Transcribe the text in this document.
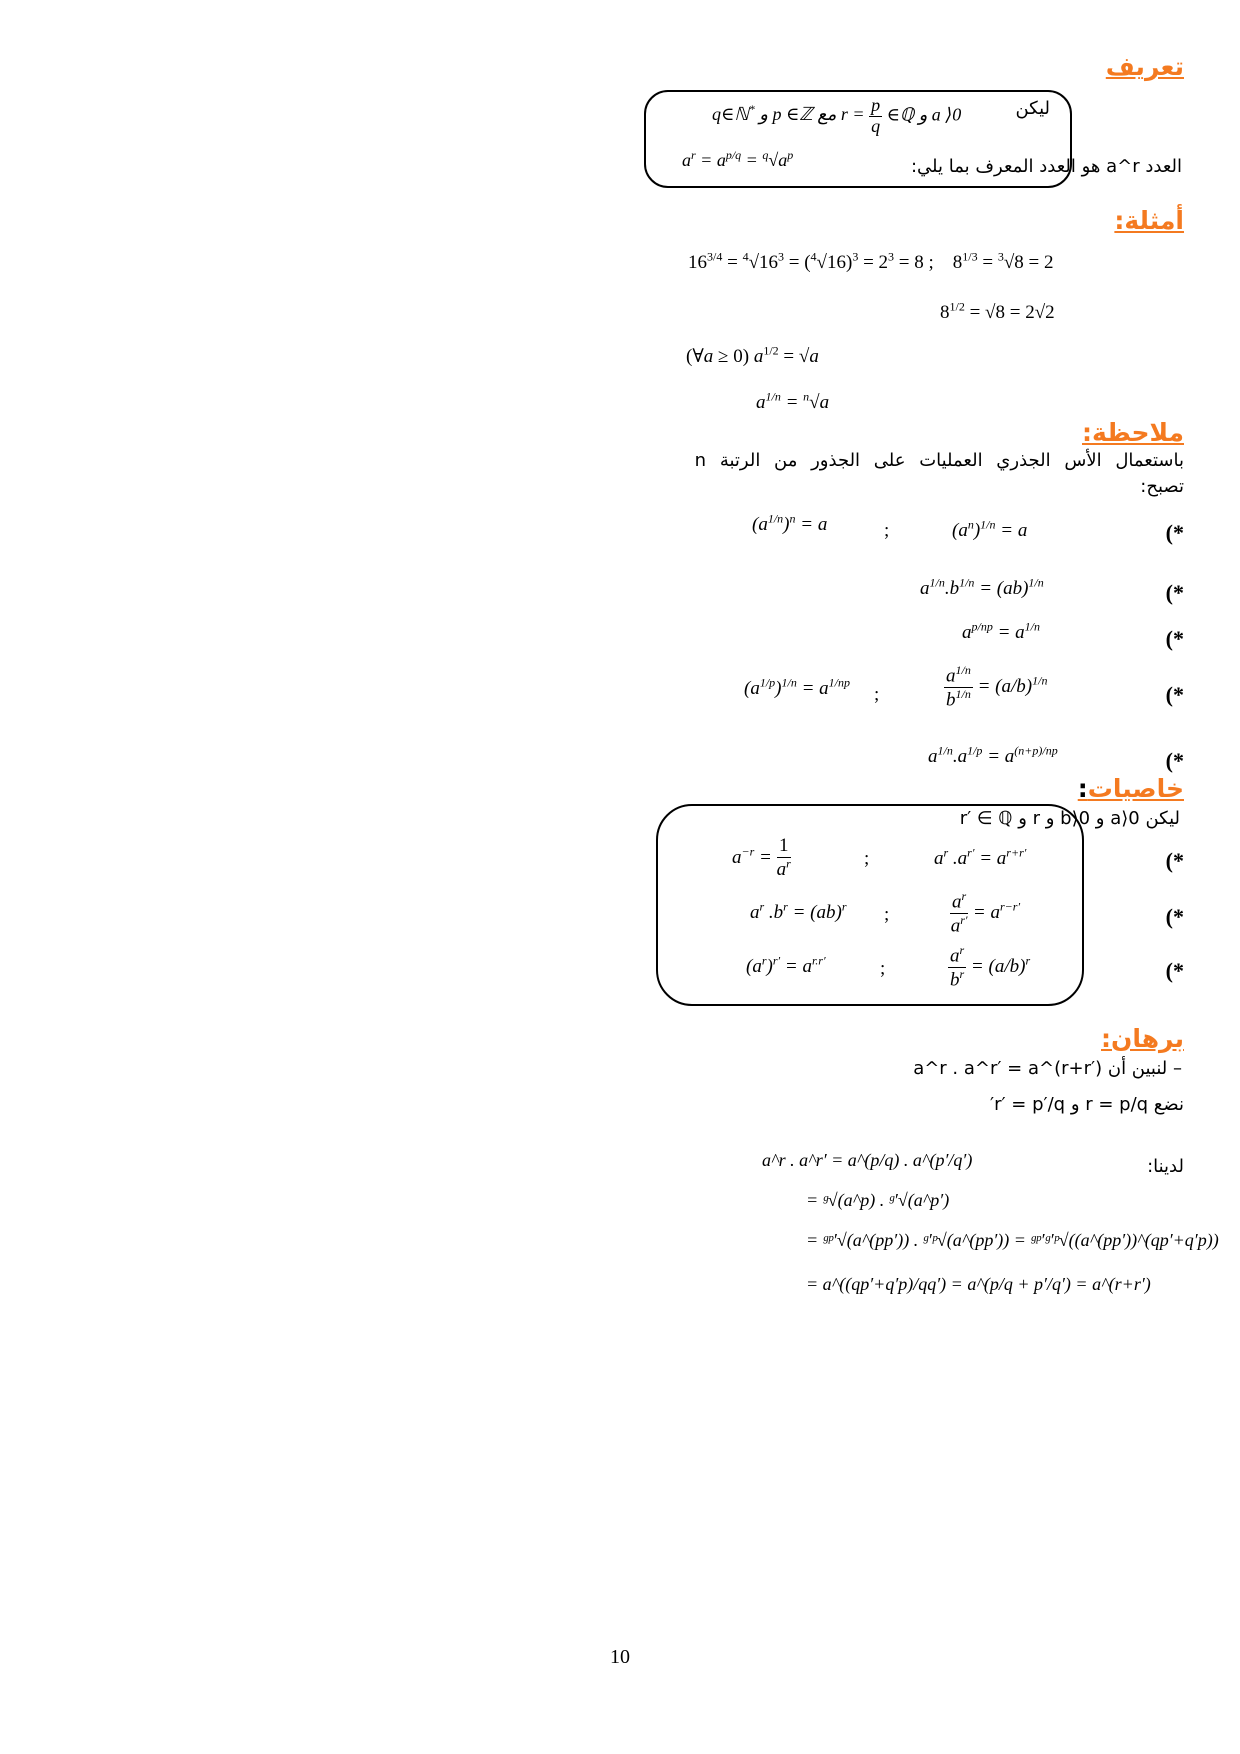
تعريف
ليكن
q∈ℕ* و p ∈ℤ مع $r = \frac{p}{q}$ ∈ℚ و a ⟩0
العدد a^r هو العدد المعرف بما يلي:
$a^r = a^{p/q} = ^q√a^p$
أمثلة:
$16^{3/4} = ^4√16^3 = (^4√16)^3 = 2^3 = 8$ ;    $8^{1/3} = ^3√8 = 2$
$8^{1/2} = √8 = 2√2$
(∀a ≥ 0) $a^{1/2} = √a$
$a^{1/n} = ^n√a$
ملاحظة:
باستعمال الأس الجذري العمليات على الجذور من الرتبة n
تصبح:
(*
$(a^n)^{1/n} = a$
;
$(a^{1/n})^n = a$
(*
$a^{1/n}.b^{1/n} = (ab)^{1/n}$
(*
$a^{p/np} = a^{1/n}$
(*
$\frac{a^{1/n}}{b^{1/n}} = (a/b)^{1/n}$
;
$(a^{1/p})^{1/n} = a^{1/np}$
(*
$a^{1/n}.a^{1/p} = a^{(n+p)/np}$
خاصيات:
ليكن a⟩0 و b⟩0 و r و r′ ∈ ℚ
(*
$a^r$ $.a^{r'} = a^{r+r'}$
;
$a^{-r} = \frac{1}{a^r}$
(*
$\frac{a^r}{a^{r'}} = a^{r-r'}$
;
$a^r$ $.b^r = (ab)^r$
(*
$\frac{a^r}{b^r} = (a/b)^r$
;
$(a^r)^{r'} = a^{r.r'}$
برهان:
– لنبين أن a^r . a^r′ = a^(r+r′)
نضع r = p/q و r′ = p′/q′
لدينا:
a^r . a^r′ = a^(p/q) . a^(p′/q′)
= ᵍ√(a^p) . ᵍ′√(a^p′)
= ᵍᵖ′√(a^(pp′)) . ᵍ′ᵖ√(a^(pp′)) = ᵍᵖ′ᵍ′ᵖ√((a^(pp′))^(qp′+q′p))
= a^((qp′+q′p)/qq′) = a^(p/q + p′/q′) = a^(r+r′)
10
